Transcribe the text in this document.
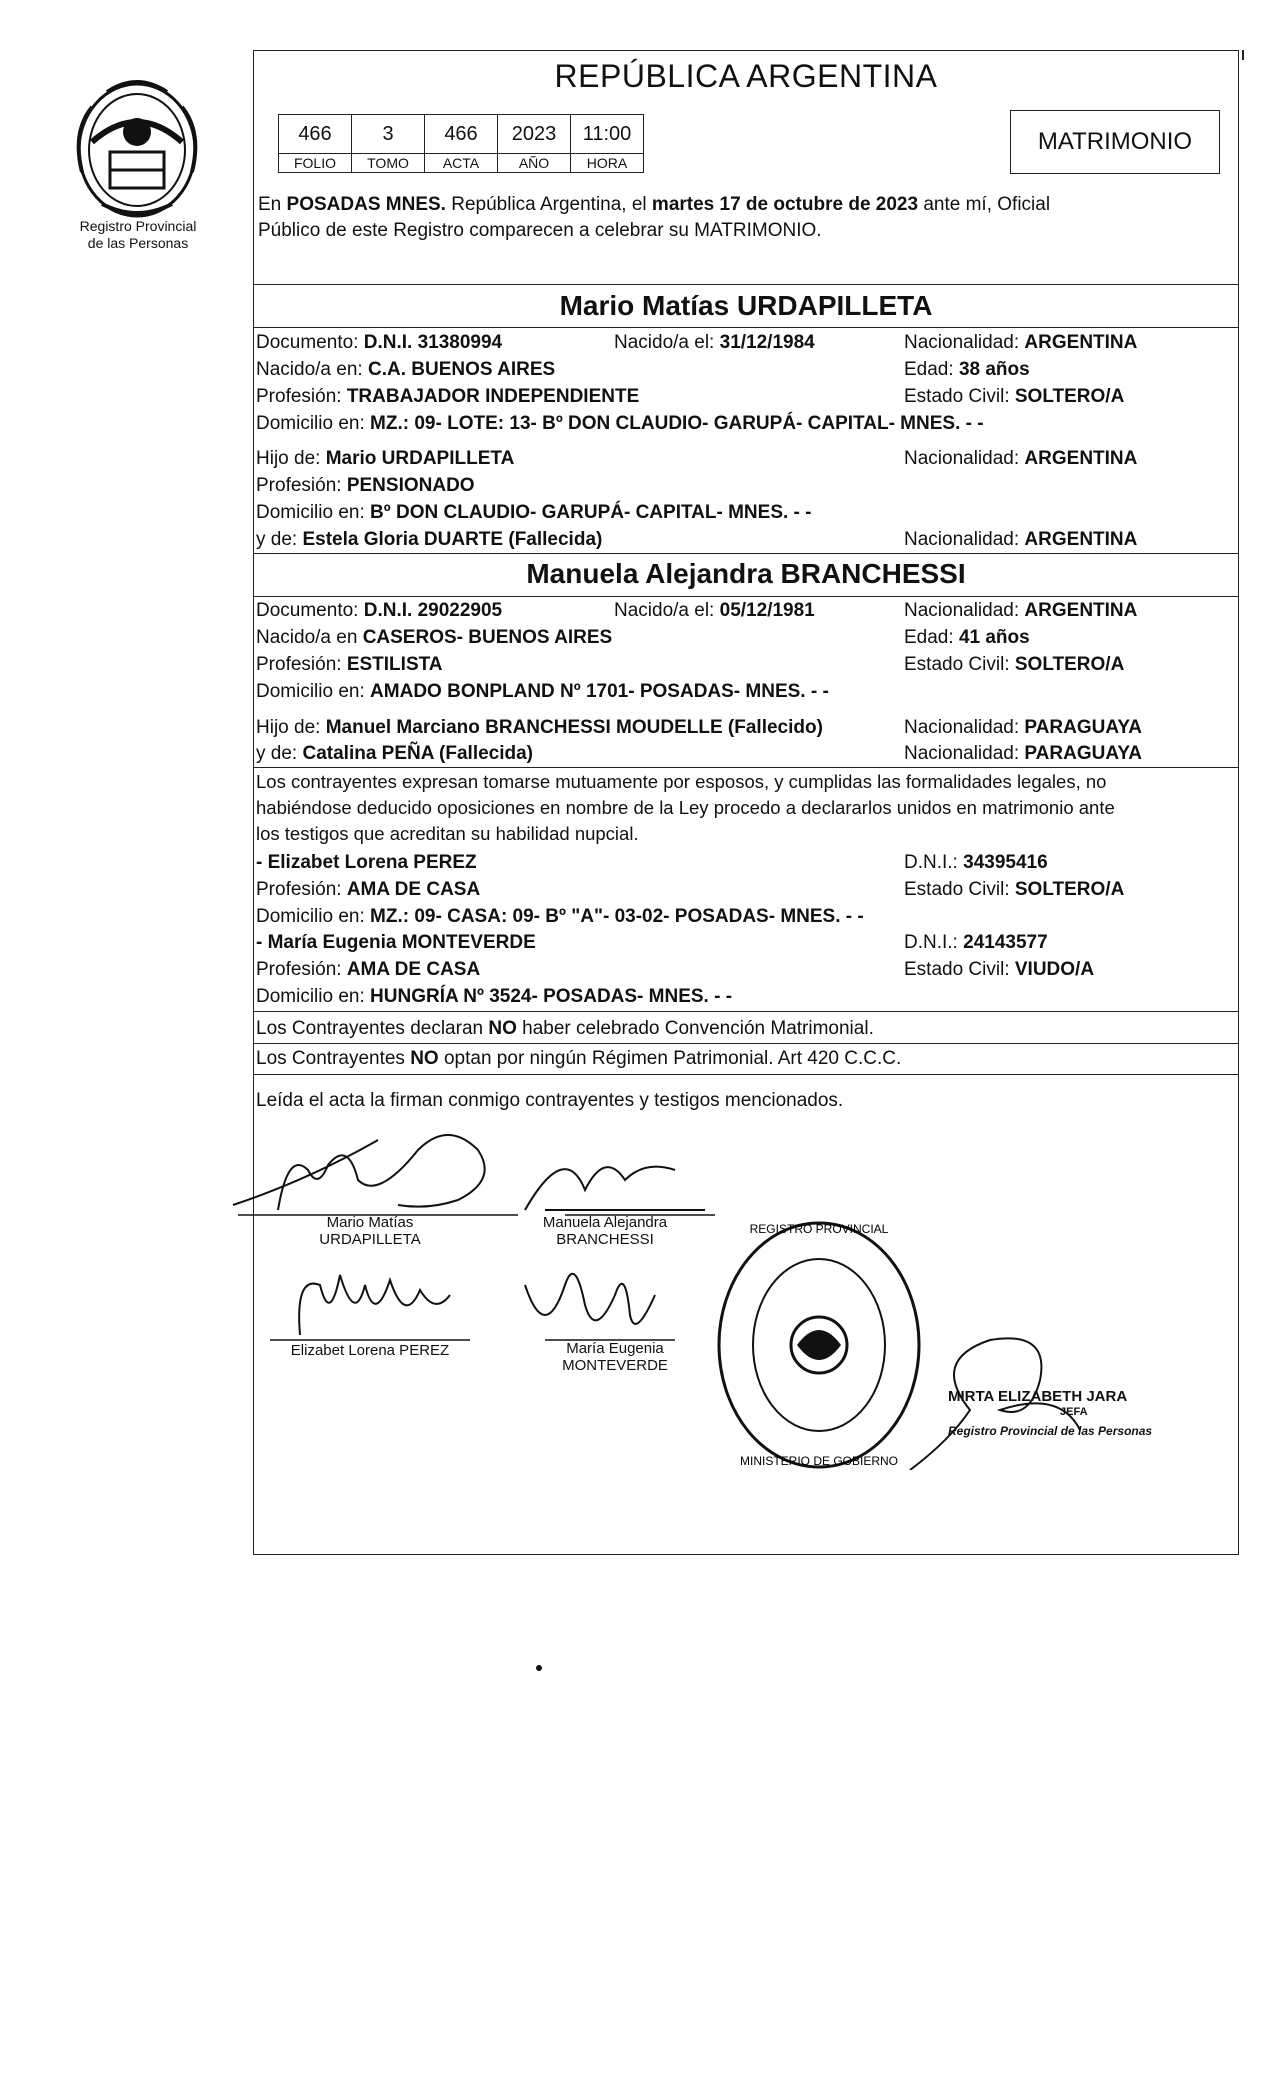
Registro Provincial
de las Personas
REPÚBLICA ARGENTINA
466	3	466	2023	11:00
FOLIO	TOMO	ACTA	AÑO	HORA
MATRIMONIO
En POSADAS MNES. República Argentina, el martes 17 de octubre de 2023 ante mí, Oficial
Público de este Registro comparecen a celebrar su MATRIMONIO.
Mario Matías URDAPILLETA
Documento: D.N.I. 31380994	Nacido/a el: 31/12/1984	Nacionalidad: ARGENTINA
Nacido/a en: C.A. BUENOS AIRES	Edad: 38 años
Profesión: TRABAJADOR INDEPENDIENTE	Estado Civil: SOLTERO/A
Domicilio en: MZ.: 09- LOTE: 13- Bº DON CLAUDIO- GARUPÁ- CAPITAL- MNES. - -
Hijo de: Mario URDAPILLETA	Nacionalidad: ARGENTINA
Profesión: PENSIONADO
Domicilio en: Bº DON CLAUDIO- GARUPÁ- CAPITAL- MNES. - -
y de: Estela Gloria DUARTE (Fallecida)	Nacionalidad: ARGENTINA
Manuela Alejandra BRANCHESSI
Documento: D.N.I. 29022905	Nacido/a el: 05/12/1981	Nacionalidad: ARGENTINA
Nacido/a en CASEROS- BUENOS AIRES	Edad: 41 años
Profesión: ESTILISTA	Estado Civil: SOLTERO/A
Domicilio en: AMADO BONPLAND Nº 1701- POSADAS- MNES. - -
Hijo de: Manuel Marciano BRANCHESSI MOUDELLE (Fallecido)	Nacionalidad: PARAGUAYA
y de: Catalina PEÑA (Fallecida)	Nacionalidad: PARAGUAYA
Los contrayentes expresan tomarse mutuamente por esposos, y cumplidas las formalidades legales, no
habiéndose deducido oposiciones en nombre de la Ley procedo a declararlos unidos en matrimonio ante
los testigos que acreditan su habilidad nupcial.
- Elizabet Lorena PEREZ	D.N.I.: 34395416
Profesión: AMA DE CASA	Estado Civil: SOLTERO/A
Domicilio en: MZ.: 09- CASA: 09- Bº "A"- 03-02- POSADAS- MNES. - -
- María Eugenia MONTEVERDE	D.N.I.: 24143577
Profesión: AMA DE CASA	Estado Civil: VIUDO/A
Domicilio en: HUNGRÍA Nº 3524- POSADAS- MNES. - -
Los Contrayentes declaran NO haber celebrado Convención Matrimonial.
Los Contrayentes NO optan por ningún Régimen Patrimonial. Art 420 C.C.C.
Leída el acta la firman conmigo contrayentes y testigos mencionados.
Mario Matías
URDAPILLETA
Manuela Alejandra
BRANCHESSI
Elizabet Lorena PEREZ	María Eugenia
MONTEVERDE
REGISTRO PROVINCIAL
MINISTERIO DE GOBIERNO
MIRTA ELIZABETH JARA
JEFA
Registro Provincial de las Personas
